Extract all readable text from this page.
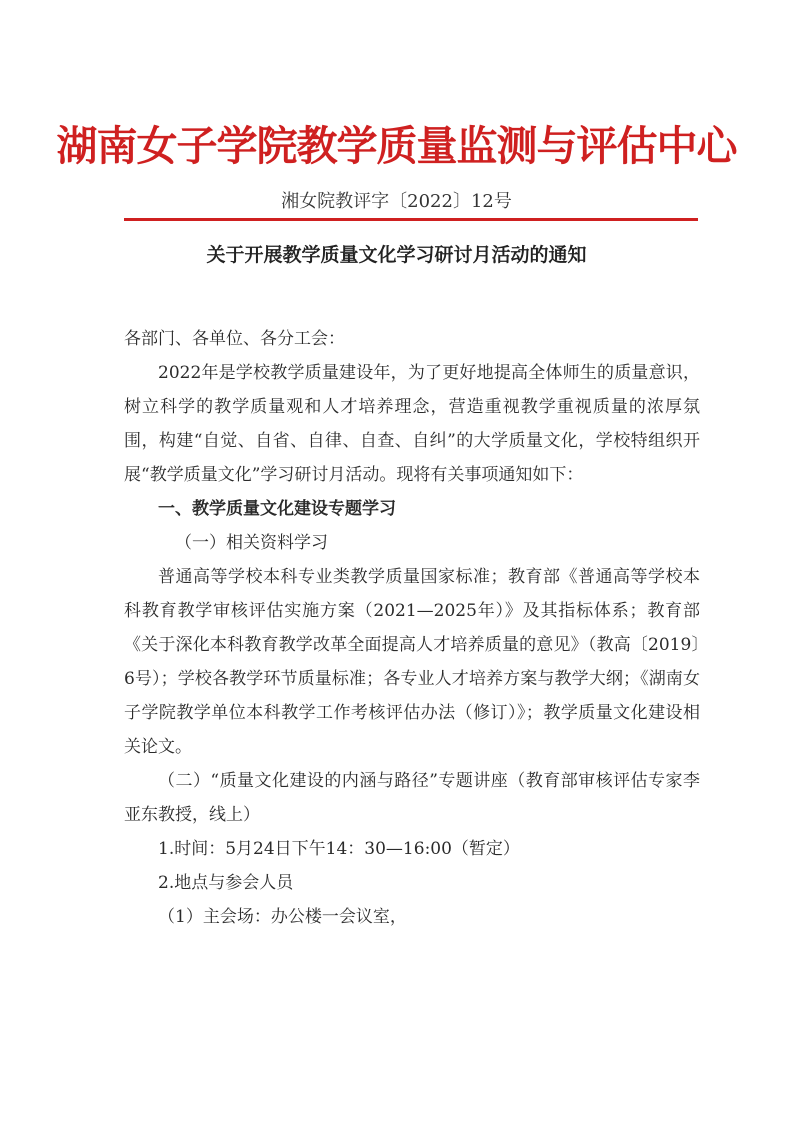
湖南女子学院教学质量监测与评估中心
湘女院教评字〔2022〕12号
关于开展教学质量文化学习研讨月活动的通知

各部门、各单位、各分工会：

2022年是学校教学质量建设年，为了更好地提高全体师生的质量意识，树立科学的教学质量观和人才培养理念，营造重视教学重视质量的浓厚氛围，构建“自觉、自省、自律、自查、自纠”的大学质量文化，学校特组织开展“教学质量文化”学习研讨月活动。现将有关事项通知如下：

一、教学质量文化建设专题学习

（一）相关资料学习

普通高等学校本科专业类教学质量国家标准；教育部《普通高等学校本科教育教学审核评估实施方案（2021—2025年）》及其指标体系；教育部《关于深化本科教育教学改革全面提高人才培养质量的意见》（教高〔2019〕6号）；学校各教学环节质量标准；各专业人才培养方案与教学大纲；《湖南女子学院教学单位本科教学工作考核评估办法（修订）》；教学质量文化建设相关论文。

（二）“质量文化建设的内涵与路径”专题讲座（教育部审核评估专家李亚东教授，线上）

1.时间：5月24日下午14：30—16:00（暂定）

2.地点与参会人员

（1）主会场：办公楼一会议室，
